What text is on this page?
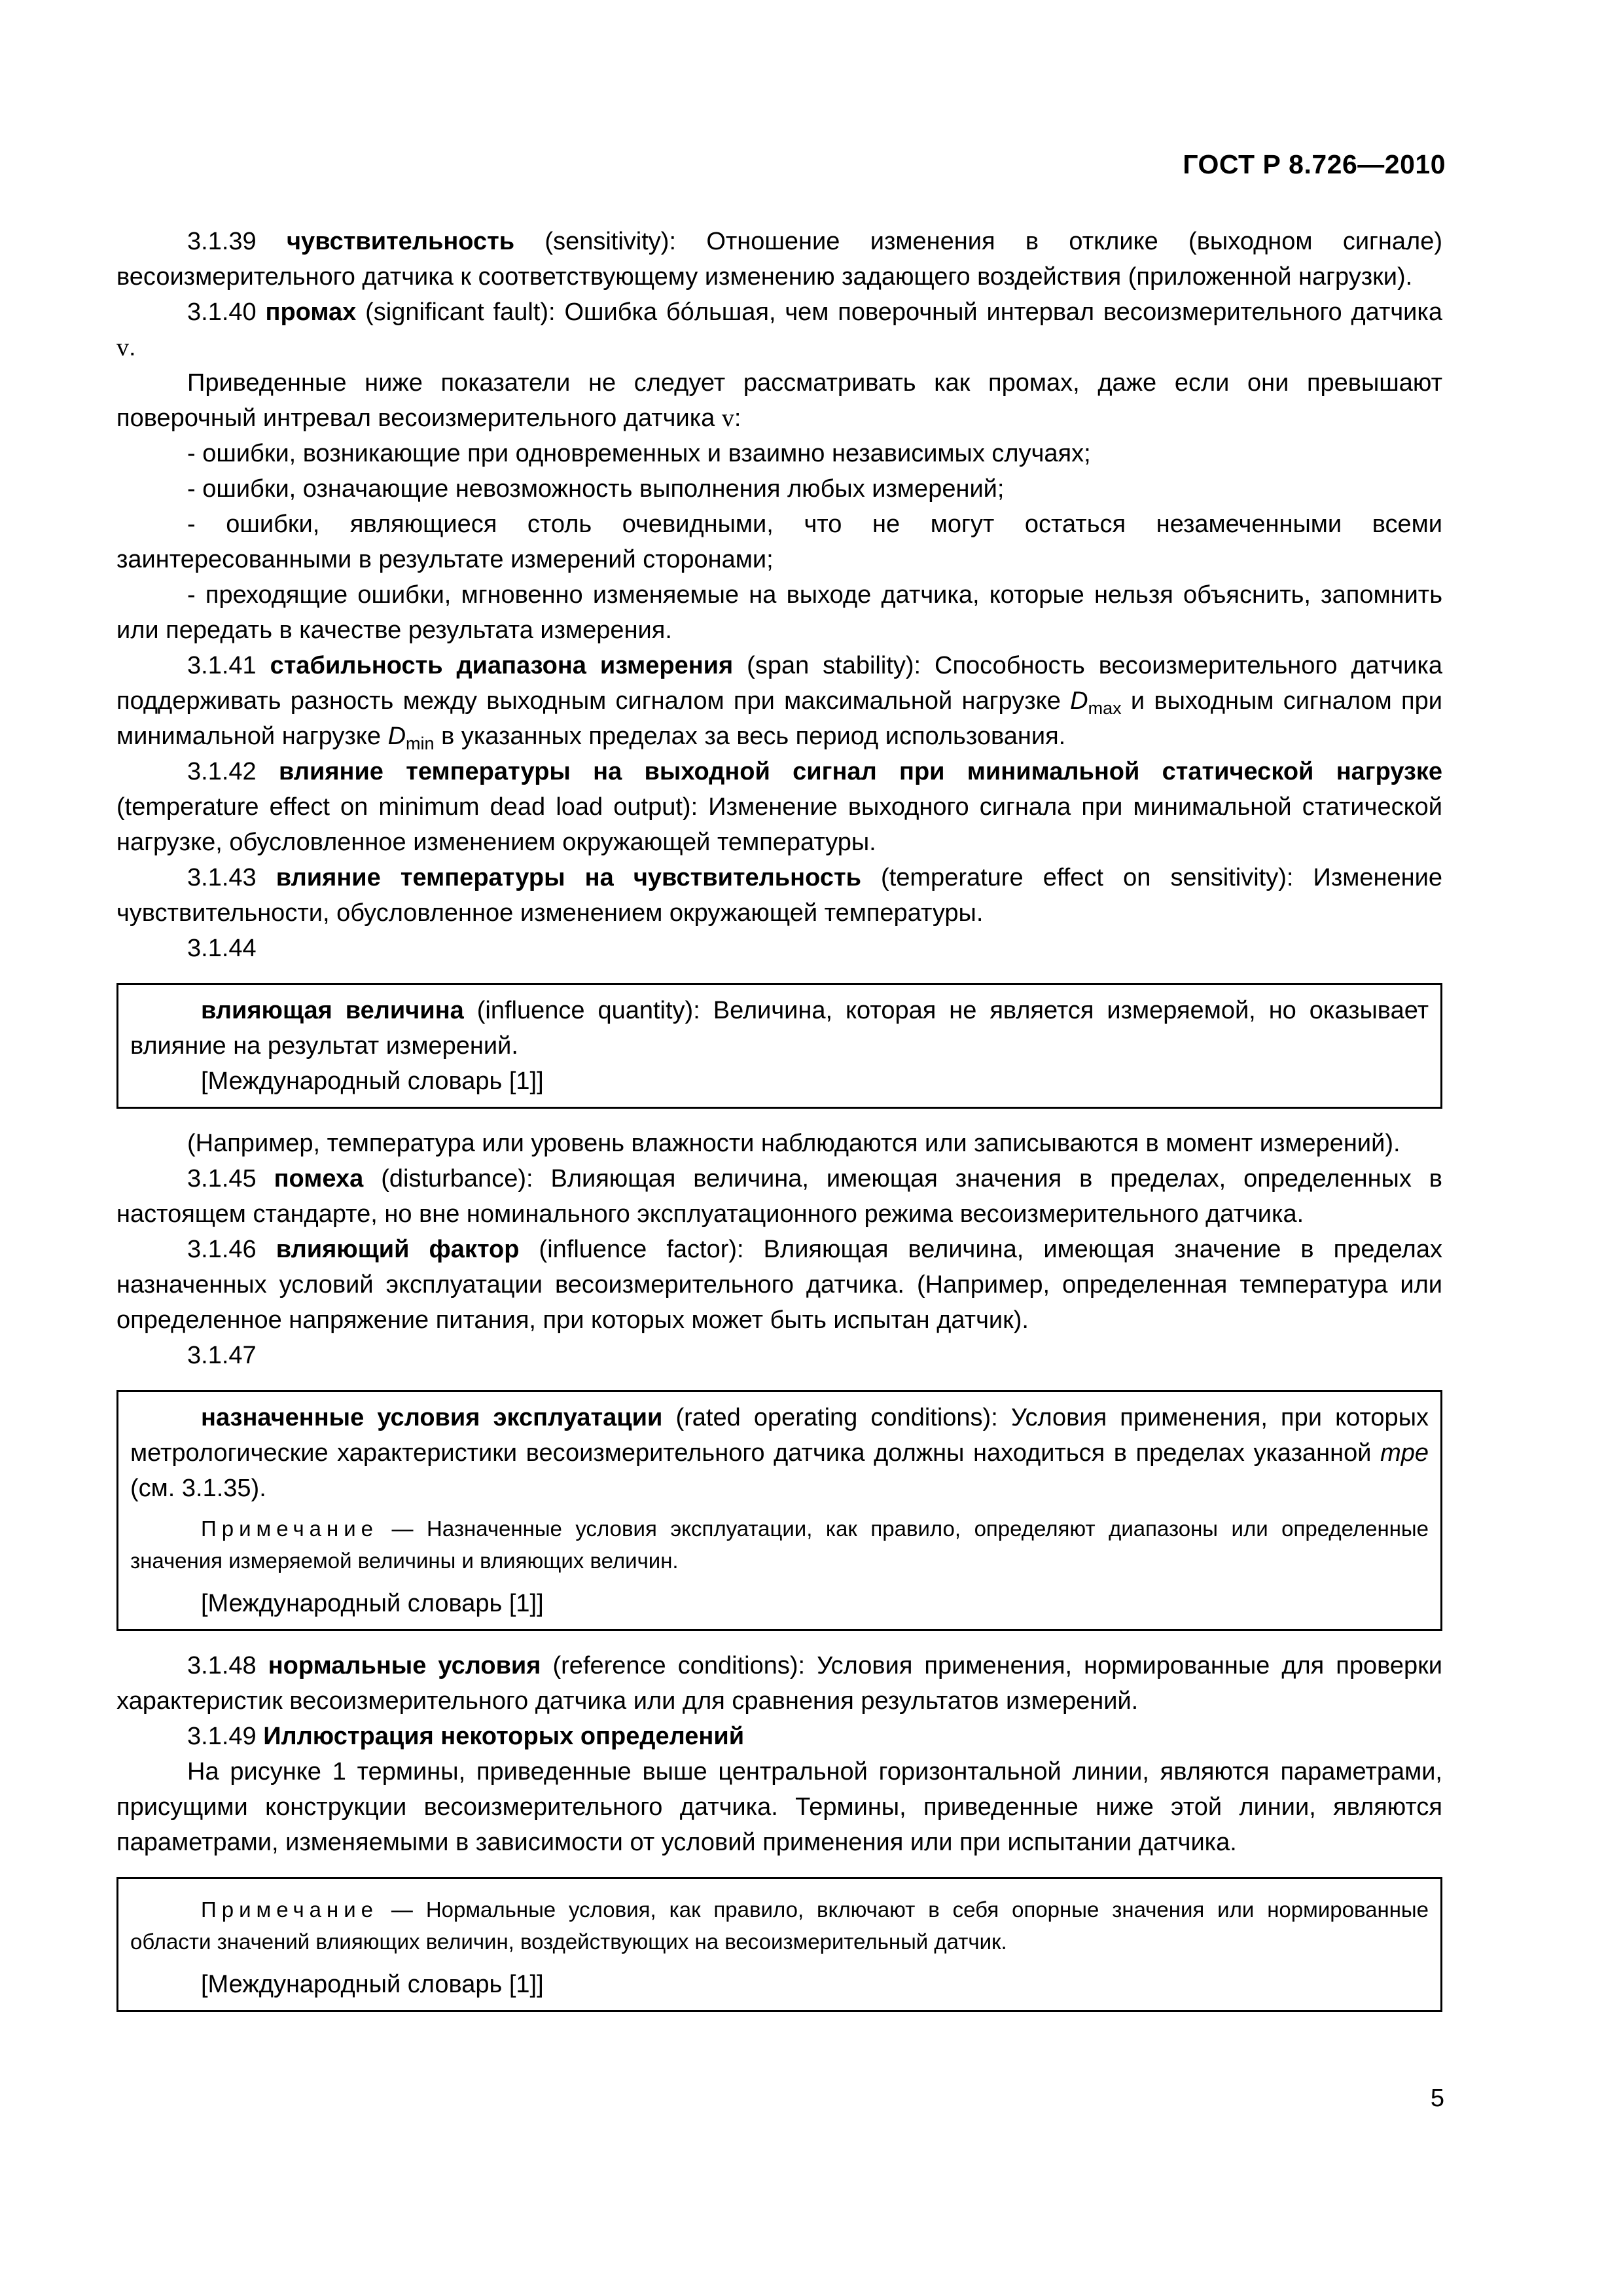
ГОСТ Р 8.726—2010

3.1.39 чувствительность (sensitivity): Отношение изменения в отклике (выходном сигнале) весоизмерительного датчика к соответствующему изменению задающего воздействия (приложенной нагрузки).

3.1.40 промах (significant fault): Ошибка бóльшая, чем поверочный интервал весоизмерительного датчика v.

Приведенные ниже показатели не следует рассматривать как промах, даже если они превышают поверочный интревал весоизмерительного датчика v:

- ошибки, возникающие при одновременных и взаимно независимых случаях;

- ошибки, означающие невозможность выполнения любых измерений;

- ошибки, являющиеся столь очевидными, что не могут остаться незамеченными всеми заинтересованными в результате измерений сторонами;

- преходящие ошибки, мгновенно изменяемые на выходе датчика, которые нельзя объяснить, запомнить или передать в качестве результата измерения.

3.1.41 стабильность диапазона измерения (span stability): Способность весоизмерительного датчика поддерживать разность между выходным сигналом при максимальной нагрузке $D_{max}$ и выходным сигналом при минимальной нагрузке $D_{min}$ в указанных пределах за весь период использования.

3.1.42 влияние температуры на выходной сигнал при минимальной статической нагрузке (temperature effect on minimum dead load output): Изменение выходного сигнала при минимальной статической нагрузке, обусловленное изменением окружающей температуры.

3.1.43 влияние температуры на чувствительность (temperature effect on sensitivity): Изменение чувствительности, обусловленное изменением окружающей температуры.

3.1.44

влияющая величина (influence quantity): Величина, которая не является измеряемой, но оказывает влияние на результат измерений.

[Международный словарь [1]]

(Например, температура или уровень влажности наблюдаются или записываются в момент измерений).

3.1.45 помеха (disturbance): Влияющая величина, имеющая значения в пределах, определенных в настоящем стандарте, но вне номинального эксплуатационного режима весоизмерительного датчика.

3.1.46 влияющий фактор (influence factor): Влияющая величина, имеющая значение в пределах назначенных условий эксплуатации весоизмерительного датчика. (Например, определенная температура или определенное напряжение питания, при которых может быть испытан датчик).

3.1.47

назначенные условия эксплуатации (rated operating conditions): Условия применения, при которых метрологические характеристики весоизмерительного датчика должны находиться в пределах указанной mpe (см. 3.1.35).

Примечание — Назначенные условия эксплуатации, как правило, определяют диапазоны или определенные значения измеряемой величины и влияющих величин.

[Международный словарь [1]]

3.1.48 нормальные условия (reference conditions): Условия применения, нормированные для проверки характеристик весоизмерительного датчика или для сравнения результатов измерений.

3.1.49 Иллюстрация некоторых определений

На рисунке 1 термины, приведенные выше центральной горизонтальной линии, являются параметрами, присущими конструкции весоизмерительного датчика. Термины, приведенные ниже этой линии, являются параметрами, изменяемыми в зависимости от условий применения или при испытании датчика.

Примечание — Нормальные условия, как правило, включают в себя опорные значения или нормированные области значений влияющих величин, воздействующих на весоизмерительный датчик.

[Международный словарь [1]]

5
